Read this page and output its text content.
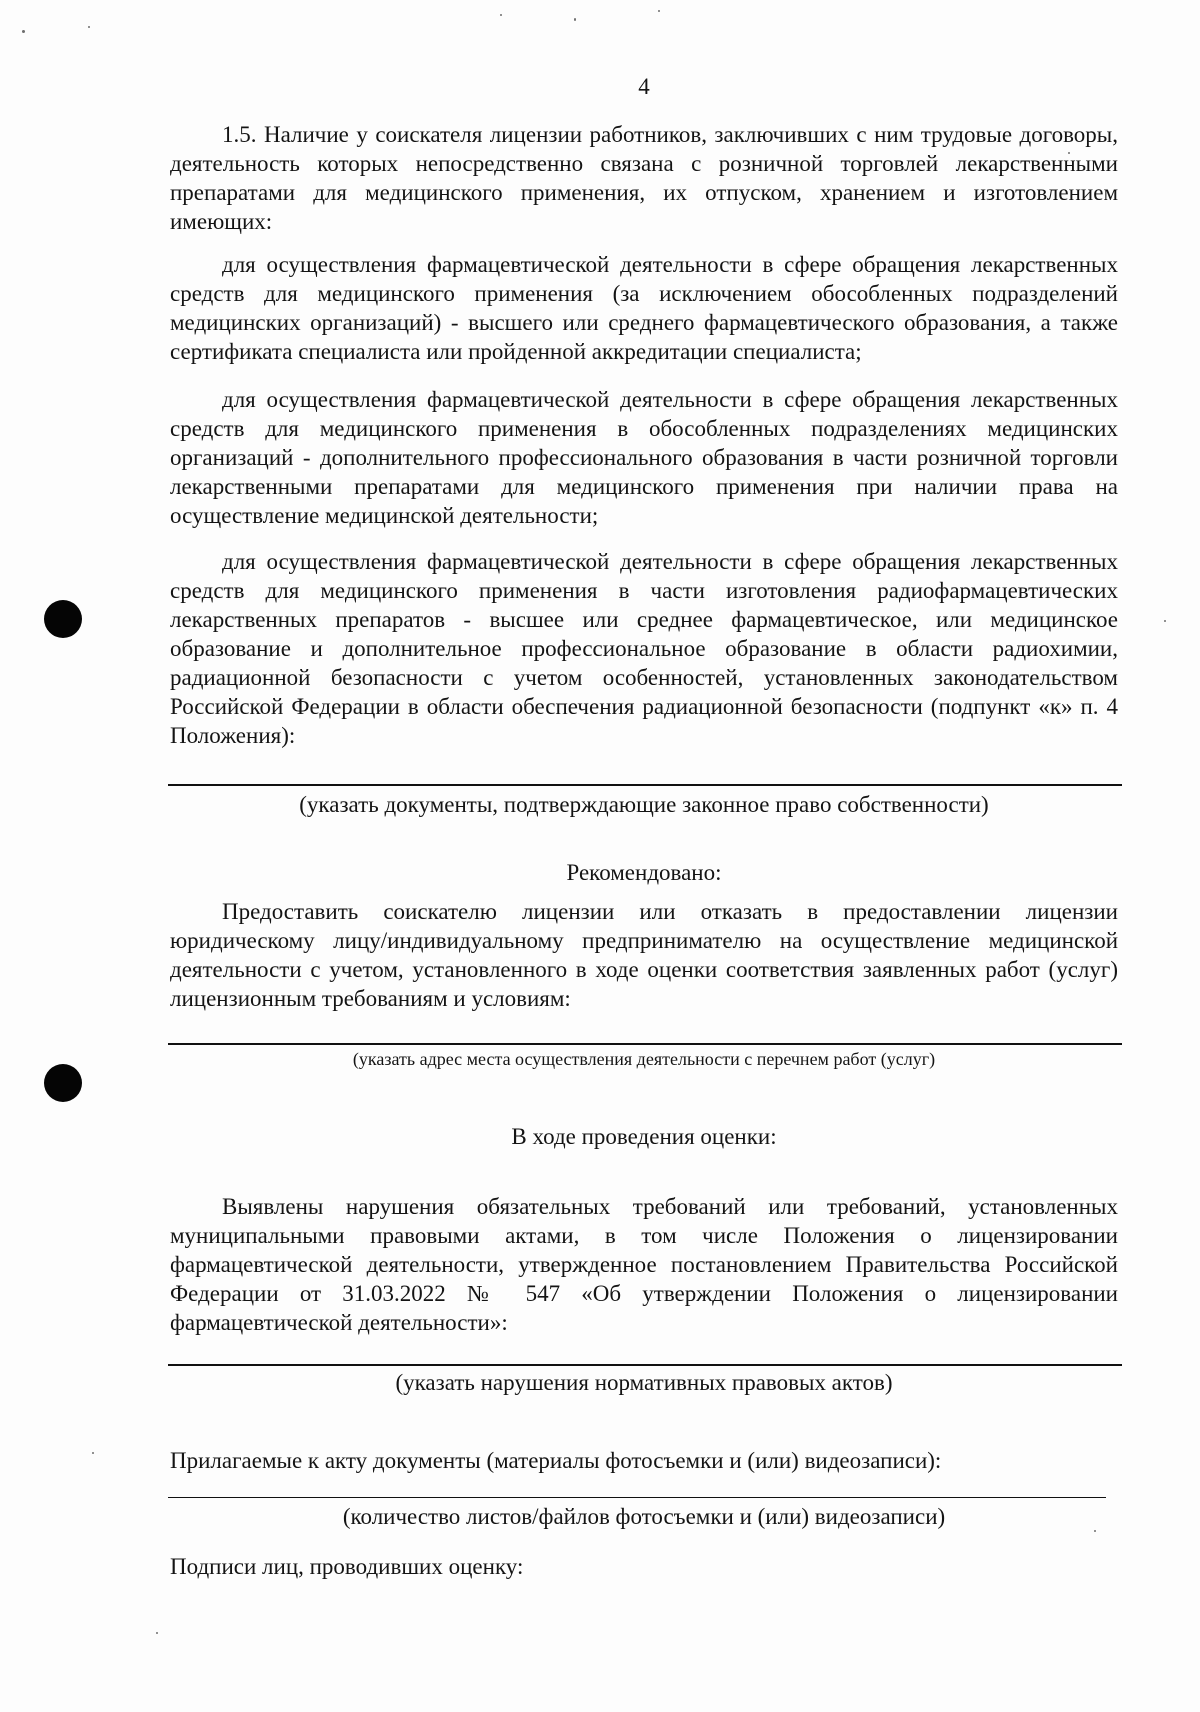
4

1.5. Наличие у соискателя лицензии работников, заключивших с ним трудовые договоры, деятельность которых непосредственно связана с розничной торговлей лекарственными препаратами для медицинского применения, их отпуском, хранением и изготовлением имеющих:

для осуществления фармацевтической деятельности в сфере обращения лекарственных средств для медицинского применения (за исключением обособленных подразделений медицинских организаций) - высшего или среднего фармацевтического образования, а также сертификата специалиста или пройденной аккредитации специалиста;

для осуществления фармацевтической деятельности в сфере обращения лекарственных средств для медицинского применения в обособленных подразделениях медицинских организаций - дополнительного профессионального образования в части розничной торговли лекарственными препаратами для медицинского применения при наличии права на осуществление медицинской деятельности;

для осуществления фармацевтической деятельности в сфере обращения лекарственных средств для медицинского применения в части изготовления радиофармацевтических лекарственных препаратов - высшее или среднее фармацевтическое, или медицинское образование и дополнительное профессиональное образование в области радиохимии, радиационной безопасности с учетом особенностей, установленных законодательством Российской Федерации в области обеспечения радиационной безопасности (подпункт «к» п. 4 Положения):

(указать документы, подтверждающие законное право собственности)
Рекомендовано:

Предоставить соискателю лицензии или отказать в предоставлении лицензии юридическому лицу/индивидуальному предпринимателю на осуществление медицинской деятельности с учетом, установленного в ходе оценки соответствия заявленных работ (услуг) лицензионным требованиям и условиям:

(указать адрес места осуществления деятельности с перечнем работ (услуг)
В ходе проведения оценки:

Выявлены нарушения обязательных требований или требований, установленных муниципальными правовыми актами, в том числе Положения о лицензировании фармацевтической деятельности, утвержденное постановлением Правительства Российской Федерации от 31.03.2022 № 547 «Об утверждении Положения о лицензировании фармацевтической деятельности»:

(указать нарушения нормативных правовых актов)

Прилагаемые к акту документы (материалы фотосъемки и (или) видеозаписи):

(количество листов/файлов фотосъемки и (или) видеозаписи)

Подписи лиц, проводивших оценку:
